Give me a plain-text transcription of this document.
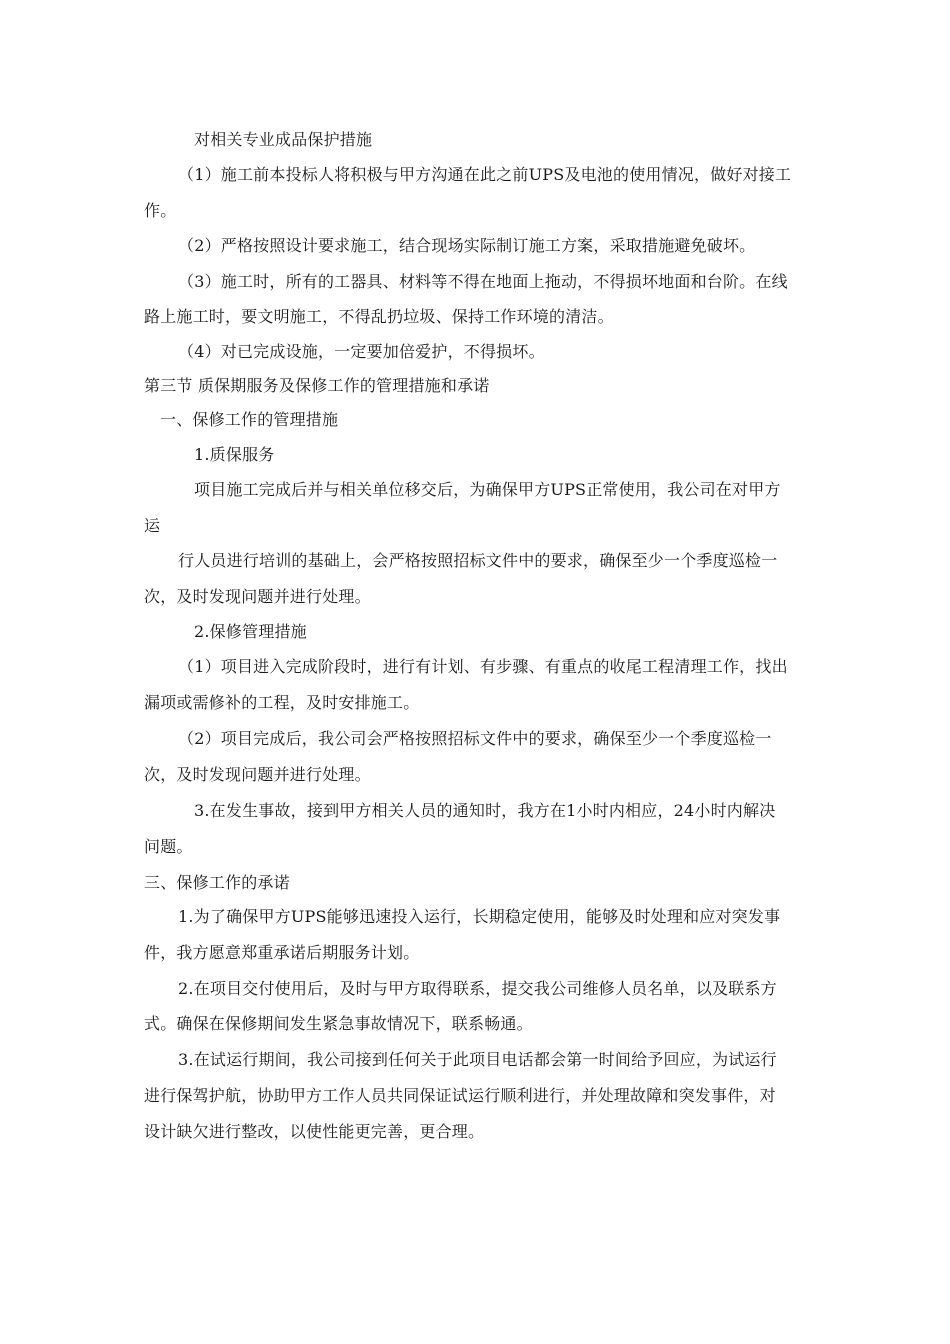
对相关专业成品保护措施
（1）施工前本投标人将积极与甲方沟通在此之前UPS及电池的使用情况，做好对接工
作。
（2）严格按照设计要求施工，结合现场实际制订施工方案，采取措施避免破坏。
（3）施工时，所有的工器具、材料等不得在地面上拖动，不得损坏地面和台阶。在线
路上施工时，要文明施工，不得乱扔垃圾、保持工作环境的清洁。
（4）对已完成设施，一定要加倍爱护，不得损坏。
第三节 质保期服务及保修工作的管理措施和承诺
一、保修工作的管理措施
1.质保服务
项目施工完成后并与相关单位移交后，为确保甲方UPS正常使用，我公司在对甲方
运
行人员进行培训的基础上，会严格按照招标文件中的要求，确保至少一个季度巡检一
次，及时发现问题并进行处理。
2.保修管理措施
（1）项目进入完成阶段时，进行有计划、有步骤、有重点的收尾工程清理工作，找出
漏项或需修补的工程，及时安排施工。
（2）项目完成后，我公司会严格按照招标文件中的要求，确保至少一个季度巡检一
次，及时发现问题并进行处理。
3.在发生事故，接到甲方相关人员的通知时，我方在1小时内相应，24小时内解决
问题。
三、保修工作的承诺
1.为了确保甲方UPS能够迅速投入运行，长期稳定使用，能够及时处理和应对突发事
件，我方愿意郑重承诺后期服务计划。
2.在项目交付使用后，及时与甲方取得联系，提交我公司维修人员名单，以及联系方
式。确保在保修期间发生紧急事故情况下，联系畅通。
3.在试运行期间，我公司接到任何关于此项目电话都会第一时间给予回应，为试运行
进行保驾护航，协助甲方工作人员共同保证试运行顺利进行，并处理故障和突发事件，对
设计缺欠进行整改，以使性能更完善，更合理。
